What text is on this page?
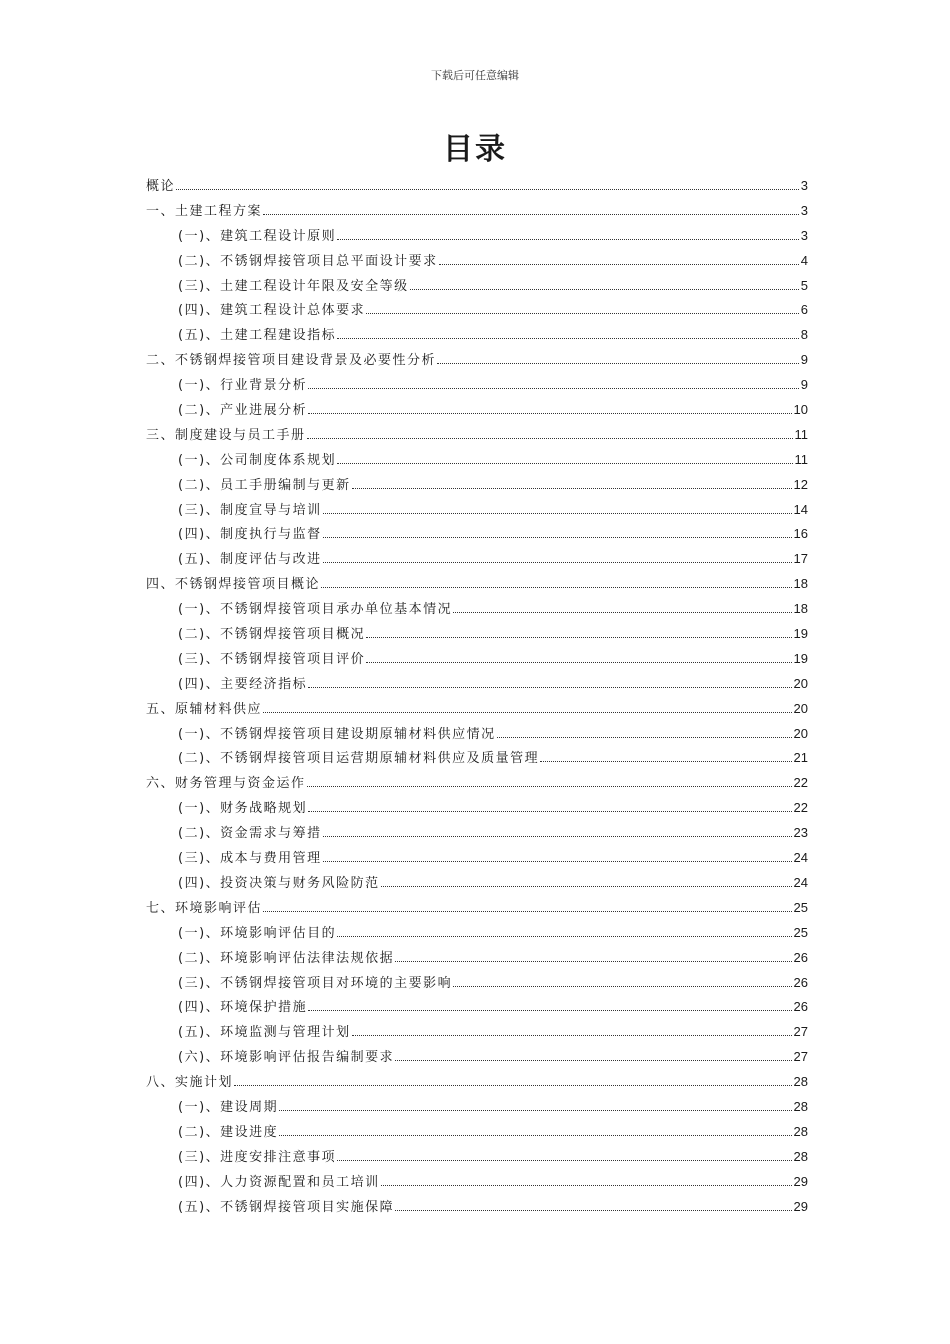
下载后可任意编辑
目录
概论	3
一、土建工程方案	3
(一)、建筑工程设计原则	3
(二)、不锈钢焊接管项目总平面设计要求	4
(三)、土建工程设计年限及安全等级	5
(四)、建筑工程设计总体要求	6
(五)、土建工程建设指标	8
二、不锈钢焊接管项目建设背景及必要性分析	9
(一)、行业背景分析	9
(二)、产业进展分析	10
三、制度建设与员工手册	11
(一)、公司制度体系规划	11
(二)、员工手册编制与更新	12
(三)、制度宣导与培训	14
(四)、制度执行与监督	16
(五)、制度评估与改进	17
四、不锈钢焊接管项目概论	18
(一)、不锈钢焊接管项目承办单位基本情况	18
(二)、不锈钢焊接管项目概况	19
(三)、不锈钢焊接管项目评价	19
(四)、主要经济指标	20
五、原辅材料供应	20
(一)、不锈钢焊接管项目建设期原辅材料供应情况	20
(二)、不锈钢焊接管项目运营期原辅材料供应及质量管理	21
六、财务管理与资金运作	22
(一)、财务战略规划	22
(二)、资金需求与筹措	23
(三)、成本与费用管理	24
(四)、投资决策与财务风险防范	24
七、环境影响评估	25
(一)、环境影响评估目的	25
(二)、环境影响评估法律法规依据	26
(三)、不锈钢焊接管项目对环境的主要影响	26
(四)、环境保护措施	26
(五)、环境监测与管理计划	27
(六)、环境影响评估报告编制要求	27
八、实施计划	28
(一)、建设周期	28
(二)、建设进度	28
(三)、进度安排注意事项	28
(四)、人力资源配置和员工培训	29
(五)、不锈钢焊接管项目实施保障	29
